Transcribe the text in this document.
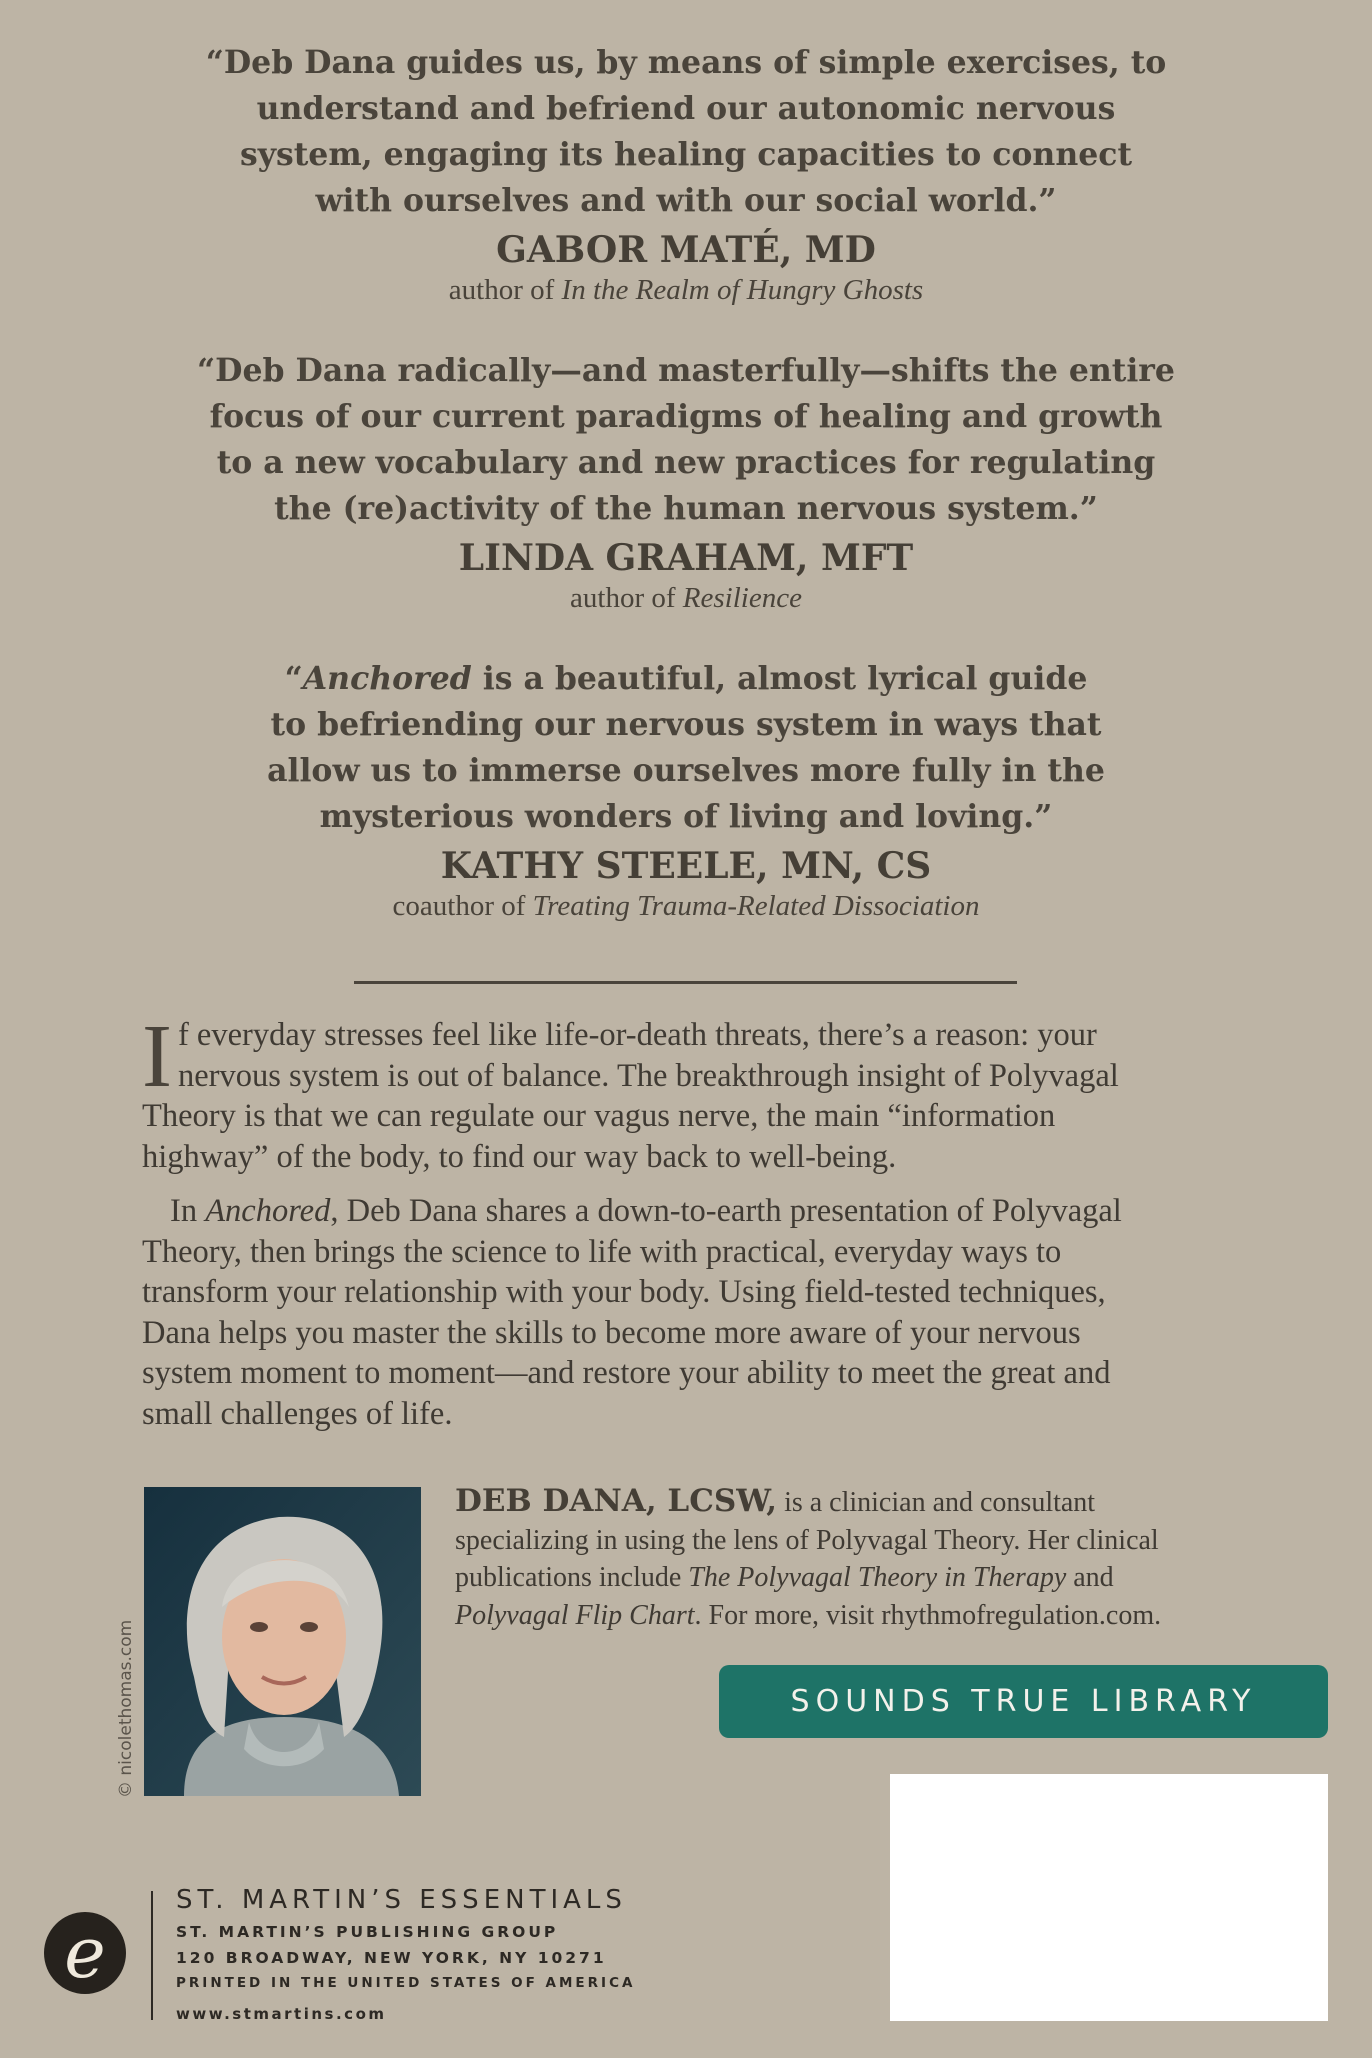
“Deb Dana guides us, by means of simple exercises, to
understand and befriend our autonomic nervous
system, engaging its healing capacities to connect
with ourselves and with our social world.”

GABOR MATÉ, MD

author of In the Realm of Hungry Ghosts

“Deb Dana radically—and masterfully—shifts the entire
focus of our current paradigms of healing and growth
to a new vocabulary and new practices for regulating
the (re)activity of the human nervous system.”

LINDA GRAHAM, MFT

author of Resilience

“Anchored is a beautiful, almost lyrical guide
to befriending our nervous system in ways that
allow us to immerse ourselves more fully in the
mysterious wonders of living and loving.”

KATHY STEELE, MN, CS

coauthor of Treating Trauma-Related Dissociation

I f everyday stresses feel like life-or-death threats, there’s a reason: your
nervous system is out of balance. The breakthrough insight of Polyvagal
Theory is that we can regulate our vagus nerve, the main “information
highway” of the body, to find our way back to well-being.

In Anchored, Deb Dana shares a down-to-earth presentation of Polyvagal
Theory, then brings the science to life with practical, everyday ways to
transform your relationship with your body. Using field-tested techniques,
Dana helps you master the skills to become more aware of your nervous
system moment to moment—and restore your ability to meet the great and
small challenges of life.

© nicolethomas.com
DEB DANA, LCSW, is a clinician and consultant
specializing in using the lens of Polyvagal Theory. Her clinical
publications include The Polyvagal Theory in Therapy and
Polyvagal Flip Chart. For more, visit rhythmofregulation.com.
SOUNDS TRUE LIBRARY
e

ST. MARTIN’S ESSENTIALS

ST. MARTIN’S PUBLISHING GROUP

120 BROADWAY, NEW YORK, NY 10271

PRINTED IN THE UNITED STATES OF AMERICA

www.stmartins.com
